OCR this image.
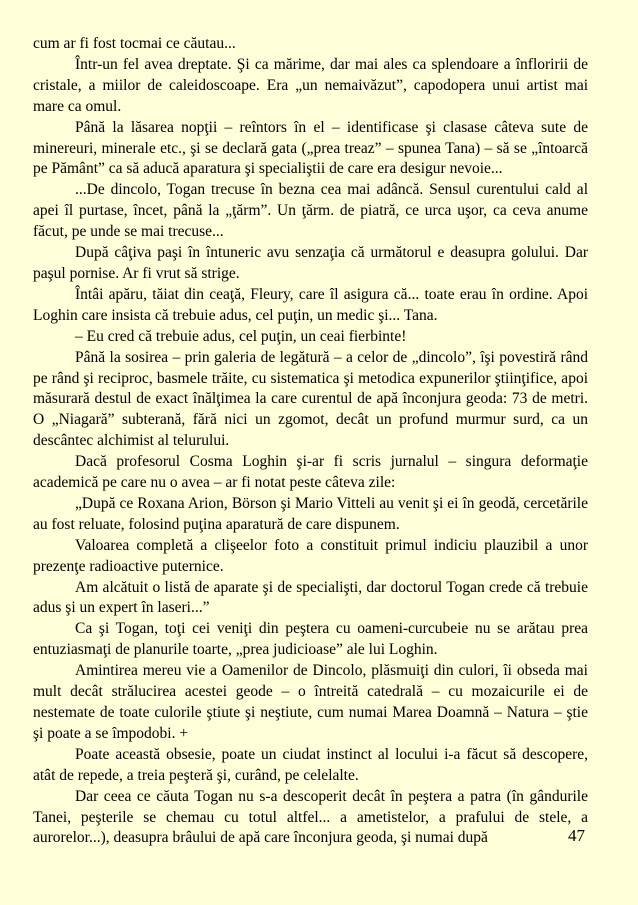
cum ar fi fost tocmai ce căutau...

Într-un fel avea dreptate. Şi ca mărime, dar mai ales ca splendoare a înfloririi de cristale, a miilor de caleidoscoape. Era „un nemaivăzut”, capodopera unui artist mai mare ca omul.

Până la lăsarea nopţii – reîntors în el – identificase şi clasase câteva sute de minereuri, minerale etc., şi se declară gata („prea treaz” – spunea Tana) – să se „întoarcă pe Pământ” ca să aducă aparatura şi specialiştii de care era desigur nevoie...

...De dincolo, Togan trecuse în bezna cea mai adâncă. Sensul curentului cald al apei îl purtase, încet, până la „ţărm”. Un ţărm. de piatră, ce urca uşor, ca ceva anume făcut, pe unde se mai trecuse...

După câţiva paşi în întuneric avu senzaţia că următorul e deasupra golului. Dar paşul pornise. Ar fi vrut să strige.

Întâi apăru, tăiat din ceaţă, Fleury, care îl asigura că... toate erau în ordine. Apoi Loghin care insista că trebuie adus, cel puţin, un medic şi... Tana.

– Eu cred că trebuie adus, cel puţin, un ceai fierbinte!

Până la sosirea – prin galeria de legătură – a celor de „dincolo”, îşi povestiră rând pe rând şi reciproc, basmele trăite, cu sistematica şi metodica expunerilor ştiinţifice, apoi măsurară destul de exact înălţimea la care curentul de apă înconjura geoda: 73 de metri. O „Niagară” subterană, fără nici un zgomot, decât un profund murmur surd, ca un descântec alchimist al telurului.

Dacă profesorul Cosma Loghin şi-ar fi scris jurnalul – singura deformaţie academică pe care nu o avea – ar fi notat peste câteva zile:

„După ce Roxana Arion, Börson şi Mario Vitteli au venit şi ei în geodă, cercetările au fost reluate, folosind puţina aparatură de care dispunem.

Valoarea completă a clişeelor foto a constituit primul indiciu plauzibil a unor prezenţe radioactive puternice.

Am alcătuit o listă de aparate şi de specialişti, dar doctorul Togan crede că trebuie adus şi un expert în laseri...”

Ca şi Togan, toţi cei veniţi din peştera cu oameni-curcubeie nu se arătau prea entuziasmaţi de planurile toarte, „prea judicioase” ale lui Loghin.

Amintirea mereu vie a Oamenilor de Dincolo, plăsmuiţi din culori, îi obseda mai mult decât strălucirea acestei geode – o întreită catedrală – cu mozaicurile ei de nestemate de toate culorile ştiute şi neştiute, cum numai Marea Doamnă – Natura – ştie şi poate a se împodobi. +

Poate această obsesie, poate un ciudat instinct al locului i-a făcut să descopere, atât de repede, a treia peşteră şi, curând, pe celelalte.

Dar ceea ce căuta Togan nu s-a descoperit decât în peştera a patra (în gândurile Tanei, peşterile se chemau cu totul altfel... a ametistelor, a prafului de stele, a aurorelor...), deasupra brâului de apă care înconjura geoda, şi numai după	47
